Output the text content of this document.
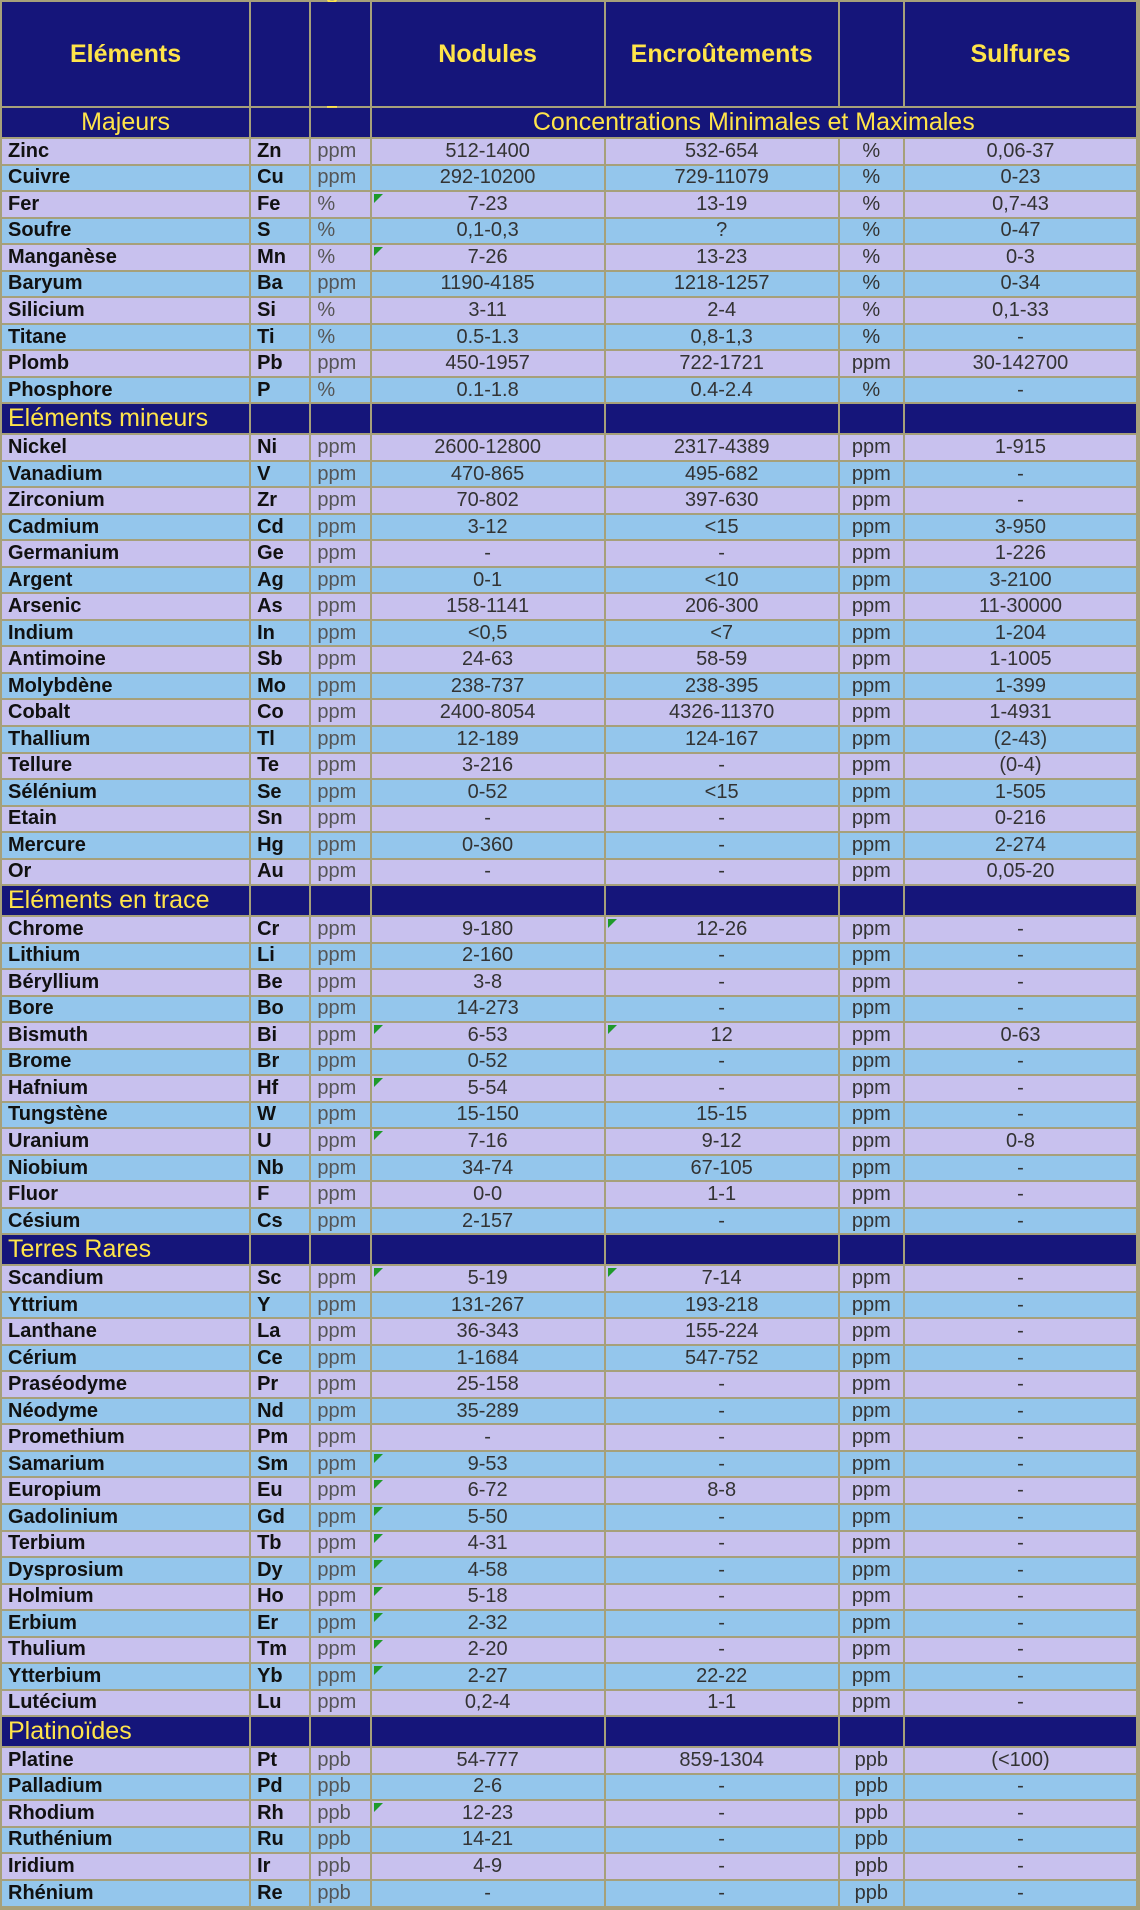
Eléments			Nodules	Encroûtements		Sulfures
Majeurs			Concentrations Minimales et Maximales			
Zinc	Zn	ppm	512-1400	532-654	%	0,06-37
Cuivre	Cu	ppm	292-10200	729-11079	%	0-23
Fer	Fe	%	7-23	13-19	%	0,7-43
Soufre	S	%	0,1-0,3	?	%	0-47
Manganèse	Mn	%	7-26	13-23	%	0-3
Baryum	Ba	ppm	1190-4185	1218-1257	%	0-34
Silicium	Si	%	3-11	2-4	%	0,1-33
Titane	Ti	%	0.5-1.3	0,8-1,3	%	-
Plomb	Pb	ppm	450-1957	722-1721	ppm	30-142700
Phosphore	P	%	0.1-1.8	0.4-2.4	%	-
Eléments mineurs						
Nickel	Ni	ppm	2600-12800	2317-4389	ppm	1-915
Vanadium	V	ppm	470-865	495-682	ppm	-
Zirconium	Zr	ppm	70-802	397-630	ppm	-
Cadmium	Cd	ppm	3-12	<15	ppm	3-950
Germanium	Ge	ppm	-	-	ppm	1-226
Argent	Ag	ppm	0-1	<10	ppm	3-2100
Arsenic	As	ppm	158-1141	206-300	ppm	11-30000
Indium	In	ppm	<0,5	<7	ppm	1-204
Antimoine	Sb	ppm	24-63	58-59	ppm	1-1005
Molybdène	Mo	ppm	238-737	238-395	ppm	1-399
Cobalt	Co	ppm	2400-8054	4326-11370	ppm	1-4931
Thallium	Tl	ppm	12-189	124-167	ppm	(2-43)
Tellure	Te	ppm	3-216	-	ppm	(0-4)
Sélénium	Se	ppm	0-52	<15	ppm	1-505
Etain	Sn	ppm	-	-	ppm	0-216
Mercure	Hg	ppm	0-360	-	ppm	2-274
Or	Au	ppm	-	-	ppm	0,05-20
Eléments en trace						
Chrome	Cr	ppm	9-180	12-26	ppm	-
Lithium	Li	ppm	2-160	-	ppm	-
Béryllium	Be	ppm	3-8	-	ppm	-
Bore	Bo	ppm	14-273	-	ppm	-
Bismuth	Bi	ppm	6-53	12	ppm	0-63
Brome	Br	ppm	0-52	-	ppm	-
Hafnium	Hf	ppm	5-54	-	ppm	-
Tungstène	W	ppm	15-150	15-15	ppm	-
Uranium	U	ppm	7-16	9-12	ppm	0-8
Niobium	Nb	ppm	34-74	67-105	ppm	-
Fluor	F	ppm	0-0	1-1	ppm	-
Césium	Cs	ppm	2-157	-	ppm	-
Terres Rares						
Scandium	Sc	ppm	5-19	7-14	ppm	-
Yttrium	Y	ppm	131-267	193-218	ppm	-
Lanthane	La	ppm	36-343	155-224	ppm	-
Cérium	Ce	ppm	1-1684	547-752	ppm	-
Praséodyme	Pr	ppm	25-158	-	ppm	-
Néodyme	Nd	ppm	35-289	-	ppm	-
Promethium	Pm	ppm	-	-	ppm	-
Samarium	Sm	ppm	9-53	-	ppm	-
Europium	Eu	ppm	6-72	8-8	ppm	-
Gadolinium	Gd	ppm	5-50	-	ppm	-
Terbium	Tb	ppm	4-31	-	ppm	-
Dysprosium	Dy	ppm	4-58	-	ppm	-
Holmium	Ho	ppm	5-18	-	ppm	-
Erbium	Er	ppm	2-32	-	ppm	-
Thulium	Tm	ppm	2-20	-	ppm	-
Ytterbium	Yb	ppm	2-27	22-22	ppm	-
Lutécium	Lu	ppm	0,2-4	1-1	ppm	-
Platinoïdes						
Platine	Pt	ppb	54-777	859-1304	ppb	(<100)
Palladium	Pd	ppb	2-6	-	ppb	-
Rhodium	Rh	ppb	12-23	-	ppb	-
Ruthénium	Ru	ppb	14-21	-	ppb	-
Iridium	Ir	ppb	4-9	-	ppb	-
Rhénium	Re	ppb	-	-	ppb	-
